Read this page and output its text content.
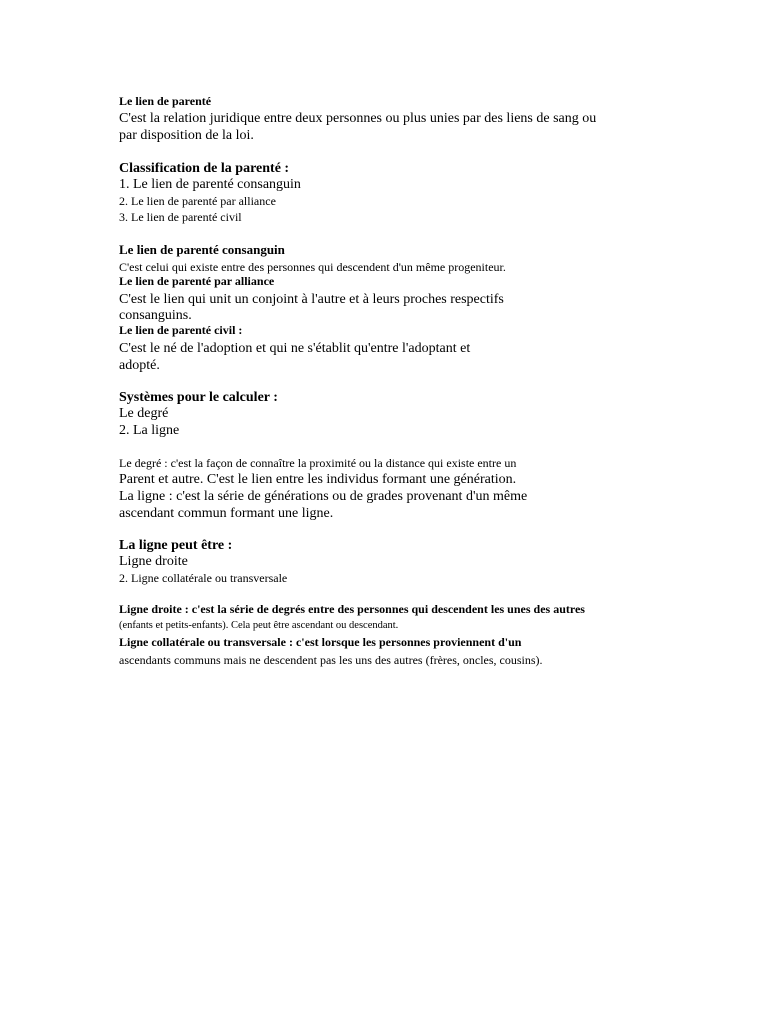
Le lien de parenté
C'est la relation juridique entre deux personnes ou plus unies par des liens de sang ou
par disposition de la loi.
Classification de la parenté :
1. Le lien de parenté consanguin
2. Le lien de parenté par alliance
3. Le lien de parenté civil
Le lien de parenté consanguin
C'est celui qui existe entre des personnes qui descendent d'un même progeniteur.
Le lien de parenté par alliance
C'est le lien qui unit un conjoint à l'autre et à leurs proches respectifs
consanguins.
Le lien de parenté civil :
C'est le né de l'adoption et qui ne s'établit qu'entre l'adoptant et
adopté.
Systèmes pour le calculer :
Le degré
2. La ligne
Le degré : c'est la façon de connaître la proximité ou la distance qui existe entre un
Parent et autre. C'est le lien entre les individus formant une génération.
La ligne : c'est la série de générations ou de grades provenant d'un même
ascendant commun formant une ligne.
La ligne peut être :
Ligne droite
2. Ligne collatérale ou transversale
Ligne droite : c'est la série de degrés entre des personnes qui descendent les unes des autres
(enfants et petits-enfants). Cela peut être ascendant ou descendant.
Ligne collatérale ou transversale : c'est lorsque les personnes proviennent d'un
ascendants communs mais ne descendent pas les uns des autres (frères, oncles, cousins).
